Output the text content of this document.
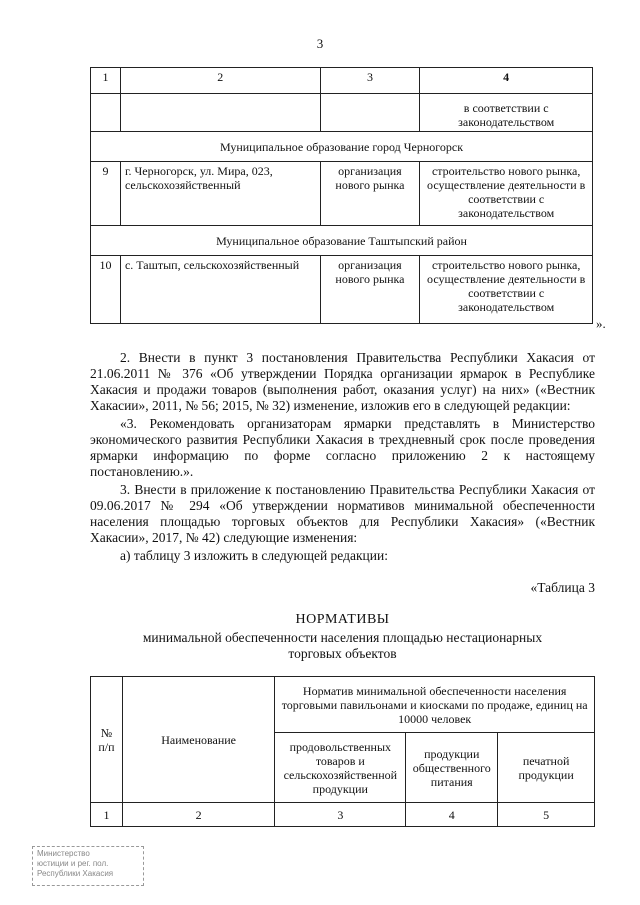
3
1	2	3	4
			в соответствии с законодательством
Муниципальное образование город Черногорск			
9	г. Черногорск, ул. Мира, 023, сельскохозяйственный	организация нового рынка	строительство нового рынка, осуществление деятельности в соответствии с законодательством
Муниципальное образование Таштыпский район			
10	с. Таштып, сельскохозяйственный	организация нового рынка	строительство нового рынка, осуществление деятельности в соответствии с законодательством
».
2. Внести в пункт 3 постановления Правительства Республики Хакасия от 21.06.2011 № 376 «Об утверждении Порядка организации ярмарок в Республике Хакасия и продажи товаров (выполнения работ, оказания услуг) на них» («Вестник Хакасии», 2011, № 56; 2015, № 32) изменение, изложив его в следующей редакции:
«3. Рекомендовать организаторам ярмарки представлять в Министерство экономического развития Республики Хакасия в трехдневный срок после проведения ярмарки информацию по форме согласно приложению 2 к настоящему постановлению.».
3. Внести в приложение к постановлению Правительства Республики Хакасия от 09.06.2017 № 294 «Об утверждении нормативов минимальной обеспеченности населения площадью торговых объектов для Республики Хакасия» («Вестник Хакасии», 2017, № 42) следующие изменения:
а) таблицу 3 изложить в следующей редакции:
«Таблица 3
НОРМАТИВЫ
минимальной обеспеченности населения площадью нестационарных торговых объектов
№ п/п	Наименование	Норматив минимальной обеспеченности населения торговыми павильонами и киосками по продаже, единиц на 10000 человек		
		продовольственных товаров и сельскохозяйственной продукции	продукции общественного питания	печатной продукции
1	2	3	4	5
Министерство
юстиции и рег. пол.
Республики Хакасия
